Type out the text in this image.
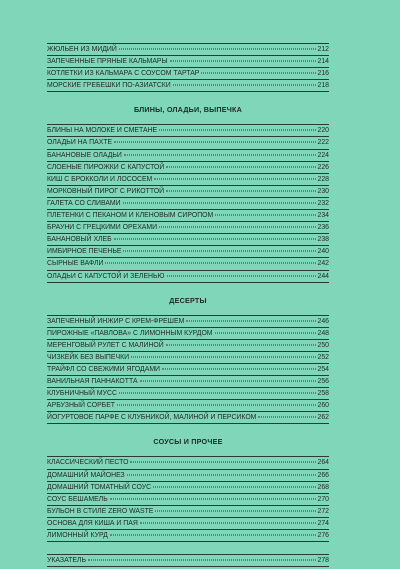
ЖЮЛЬЕН ИЗ МИДИЙ	212
ЗАПЕЧЕННЫЕ ПРЯНЫЕ КАЛЬМАРЫ	214
КОТЛЕТКИ ИЗ КАЛЬМАРА С СОУСОМ ТАРТАР	216
МОРСКИЕ ГРЕБЕШКИ ПО-АЗИАТСКИ	218
БЛИНЫ, ОЛАДЬИ, ВЫПЕЧКА
БЛИНЫ НА МОЛОКЕ И СМЕТАНЕ	220
ОЛАДЬИ НА ПАХТЕ	222
БАНАНОВЫЕ ОЛАДЬИ	224
СЛОЕНЫЕ ПИРОЖКИ С КАПУСТОЙ	226
КИШ С БРОККОЛИ И ЛОСОСЕМ	228
МОРКОВНЫЙ ПИРОГ С РИКОТТОЙ	230
ГАЛЕТА СО СЛИВАМИ	232
ПЛЕТЕНКИ С ПЕКАНОМ И КЛЕНОВЫМ СИРОПОМ	234
БРАУНИ С ГРЕЦКИМИ ОРЕХАМИ	236
БАНАНОВЫЙ ХЛЕБ	238
ИМБИРНОЕ ПЕЧЕНЬЕ	240
СЫРНЫЕ ВАФЛИ	242
ОЛАДЬИ С КАПУСТОЙ И ЗЕЛЕНЬЮ	244
ДЕСЕРТЫ
ЗАПЕЧЕННЫЙ ИНЖИР С КРЕМ-ФРЕШЕМ	246
ПИРОЖНЫЕ «ПАВЛОВА» С ЛИМОННЫМ КУРДОМ	248
МЕРЕНГОВЫЙ РУЛЕТ С МАЛИНОЙ	250
ЧИЗКЕЙК БЕЗ ВЫПЕЧКИ	252
ТРАЙФЛ СО СВЕЖИМИ ЯГОДАМИ	254
ВАНИЛЬНАЯ ПАННАКОТТА	256
КЛУБНИЧНЫЙ МУСС	258
АРБУЗНЫЙ СОРБЕТ	260
ЙОГУРТОВОЕ ПАРФЕ С КЛУБНИКОЙ, МАЛИНОЙ И ПЕРСИКОМ	262
СОУСЫ И ПРОЧЕЕ
КЛАССИЧЕСКИЙ ПЕСТО	264
ДОМАШНИЙ МАЙОНЕЗ	266
ДОМАШНИЙ ТОМАТНЫЙ СОУС	268
СОУС БЕШАМЕЛЬ	270
БУЛЬОН В СТИЛЕ ZERO WASTE	272
ОСНОВА ДЛЯ КИША И ПАЯ	274
ЛИМОННЫЙ КУРД	276
УКАЗАТЕЛЬ	278
